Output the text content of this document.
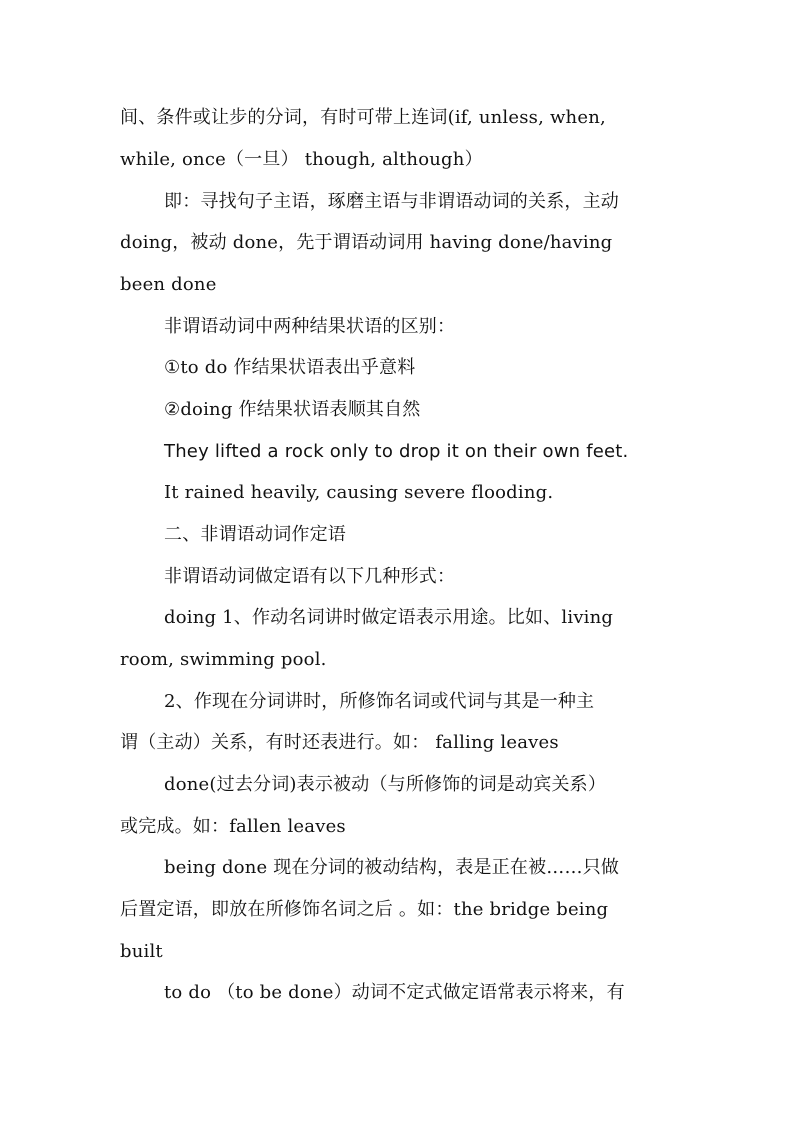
间、条件或让步的分词，有时可带上连词(if, unless, when,
while, once（一旦） though, although）
即：寻找句子主语，琢磨主语与非谓语动词的关系，主动
doing，被动 done，先于谓语动词用 having done/having
been done
非谓语动词中两种结果状语的区别：
①to do 作结果状语表出乎意料
②doing 作结果状语表顺其自然
They lifted a rock only to drop it on their own feet.
It rained heavily, causing severe flooding.
二、非谓语动词作定语
非谓语动词做定语有以下几种形式：
doing 1、作动名词讲时做定语表示用途。比如、living
room, swimming pool.
2、作现在分词讲时，所修饰名词或代词与其是一种主
谓（主动）关系，有时还表进行。如： falling leaves
done(过去分词)表示被动（与所修饰的词是动宾关系）
或完成。如：fallen leaves
being done 现在分词的被动结构，表是正在被……只做
后置定语，即放在所修饰名词之后 。如：the bridge being
built
to do （to be done）动词不定式做定语常表示将来，有
